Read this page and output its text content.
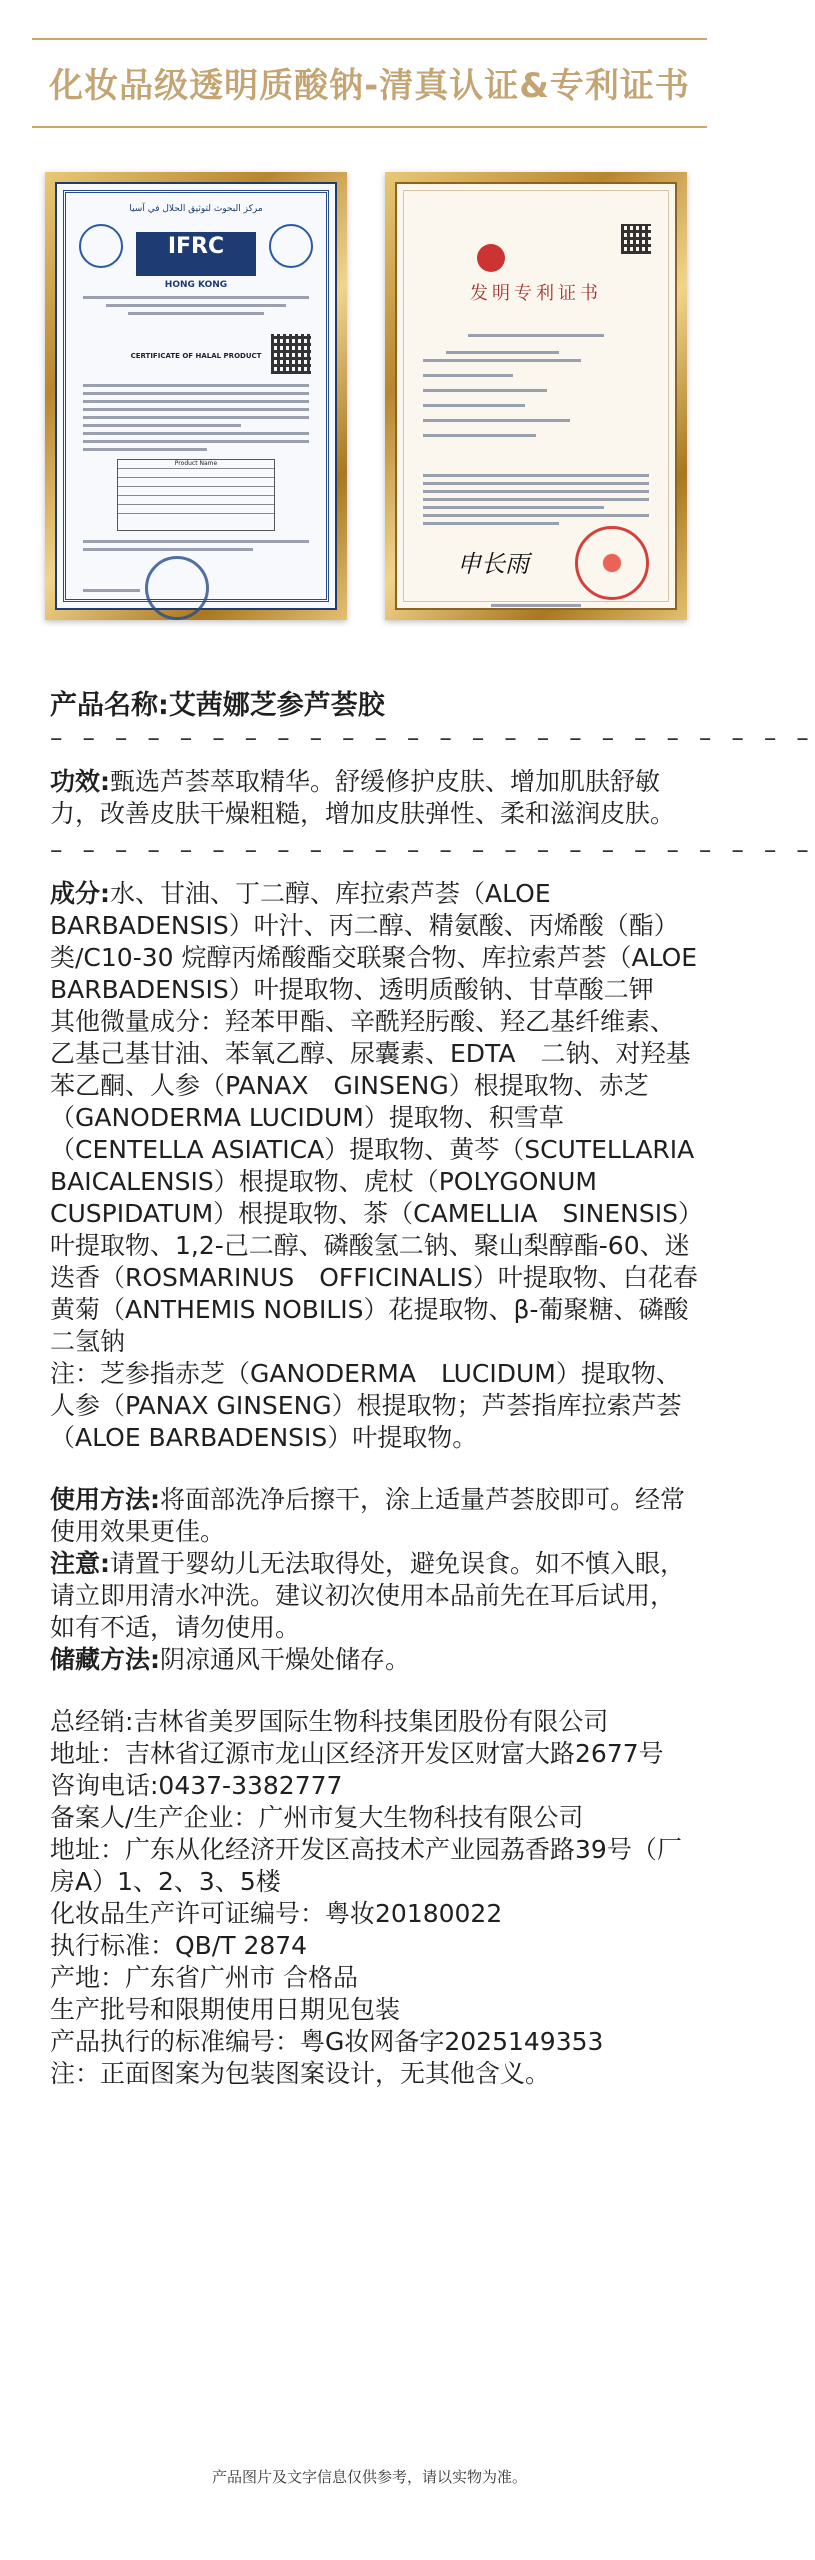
化妆品级透明质酸钠-清真认证&专利证书
مركز البحوث لتوثيق الحلال في آسيا
IFRC
HONG KONG
CERTIFICATE OF HALAL PRODUCT
Product Name
发明专利证书
申长雨
产品名称:艾茜娜芝参芦荟胶
– – – – – – – – – – – – – – – – – – – – – – – –
功效:甄选芦荟萃取精华。舒缓修护皮肤、增加肌肤舒敏力，改善皮肤干燥粗糙，增加皮肤弹性、柔和滋润皮肤。
– – – – – – – – – – – – – – – – – – – – – – – –
成分:水、甘油、丁二醇、库拉索芦荟（ALOE BARBADENSIS）叶汁、丙二醇、精氨酸、丙烯酸（酯）类/C10-30 烷醇丙烯酸酯交联聚合物、库拉索芦荟（ALOE BARBADENSIS）叶提取物、透明质酸钠、甘草酸二钾
其他微量成分：羟苯甲酯、辛酰羟肟酸、羟乙基纤维素、乙基己基甘油、苯氧乙醇、尿囊素、EDTA　二钠、对羟基苯乙酮、人参（PANAX　GINSENG）根提取物、赤芝（GANODERMA LUCIDUM）提取物、积雪草（CENTELLA ASIATICA）提取物、黄芩（SCUTELLARIA BAICALENSIS）根提取物、虎杖（POLYGONUM CUSPIDATUM）根提取物、茶（CAMELLIA　SINENSIS）叶提取物、1,2-己二醇、磷酸氢二钠、聚山梨醇酯-60、迷迭香（ROSMARINUS　OFFICINALIS）叶提取物、白花春黄菊（ANTHEMIS NOBILIS）花提取物、β-葡聚糖、磷酸二氢钠
注：芝参指赤芝（GANODERMA　LUCIDUM）提取物、人参（PANAX GINSENG）根提取物；芦荟指库拉索芦荟（ALOE BARBADENSIS）叶提取物。
使用方法:将面部洗净后擦干，涂上适量芦荟胶即可。经常使用效果更佳。
注意:请置于婴幼儿无法取得处，避免误食。如不慎入眼，请立即用清水冲洗。建议初次使用本品前先在耳后试用，如有不适，请勿使用。
储藏方法:阴凉通风干燥处储存。
总经销:吉林省美罗国际生物科技集团股份有限公司
地址：吉林省辽源市龙山区经济开发区财富大路2677号
咨询电话:0437-3382777
备案人/生产企业：广州市复大生物科技有限公司
地址：广东从化经济开发区高技术产业园荔香路39号（厂房A）1、2、3、5楼
化妆品生产许可证编号：粤妆20180022
执行标准：QB/T 2874
产地：广东省广州市 合格品
生产批号和限期使用日期见包装
产品执行的标准编号：粤G妆网备字2025149353
注：正面图案为包装图案设计，无其他含义。
产品图片及文字信息仅供参考，请以实物为准。
